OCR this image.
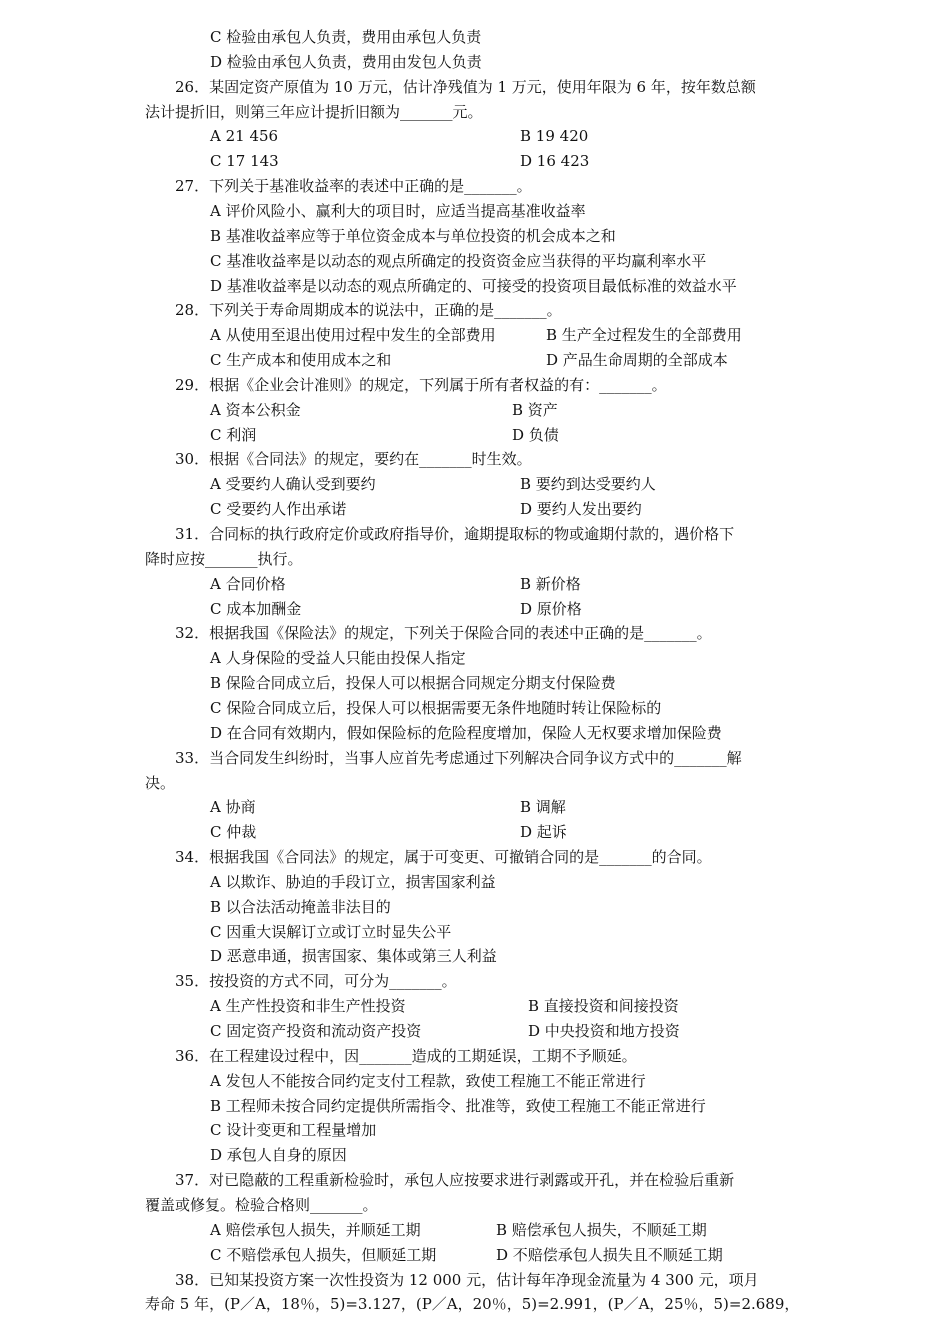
C 检验由承包人负责，费用由承包人负责
D 检验由承包人负责，费用由发包人负责
26．某固定资产原值为 10 万元，估计净残值为 1 万元，使用年限为 6 年，按年数总额
法计提折旧，则第三年应计提折旧额为_______元。
A 21 456	B 19 420
C 17 143	D 16 423
27．下列关于基准收益率的表述中正确的是_______。
A 评价风险小、赢利大的项目时，应适当提高基准收益率
B 基准收益率应等于单位资金成本与单位投资的机会成本之和
C 基准收益率是以动态的观点所确定的投资资金应当获得的平均赢利率水平
D 基准收益率是以动态的观点所确定的、可接受的投资项目最低标准的效益水平
28．下列关于寿命周期成本的说法中，正确的是_______。
A 从使用至退出使用过程中发生的全部费用	B 生产全过程发生的全部费用
C 生产成本和使用成本之和	D 产品生命周期的全部成本
29．根据《企业会计准则》的规定，下列属于所有者权益的有：_______。
A 资本公积金	B 资产
C 利润	D 负债
30．根据《合同法》的规定，要约在_______时生效。
A 受要约人确认受到要约	B 要约到达受要约人
C 受要约人作出承诺	D 要约人发出要约
31．合同标的执行政府定价或政府指导价，逾期提取标的物或逾期付款的，遇价格下
降时应按_______执行。
A 合同价格	B 新价格
C 成本加酬金	D 原价格
32．根据我国《保险法》的规定，下列关于保险合同的表述中正确的是_______。
A 人身保险的受益人只能由投保人指定
B 保险合同成立后，投保人可以根据合同规定分期支付保险费
C 保险合同成立后，投保人可以根据需要无条件地随时转让保险标的
D 在合同有效期内，假如保险标的危险程度增加，保险人无权要求增加保险费
33．当合同发生纠纷时，当事人应首先考虑通过下列解决合同争议方式中的_______解
决。
A 协商	B 调解
C 仲裁	D 起诉
34．根据我国《合同法》的规定，属于可变更、可撤销合同的是_______的合同。
A 以欺诈、胁迫的手段订立，损害国家利益
B 以合法活动掩盖非法目的
C 因重大误解订立或订立时显失公平
D 恶意串通，损害国家、集体或第三人利益
35．按投资的方式不同，可分为_______。
A 生产性投资和非生产性投资	B 直接投资和间接投资
C 固定资产投资和流动资产投资	D 中央投资和地方投资
36．在工程建设过程中，因_______造成的工期延误，工期不予顺延。
A 发包人不能按合同约定支付工程款，致使工程施工不能正常进行
B 工程师未按合同约定提供所需指令、批准等，致使工程施工不能正常进行
C 设计变更和工程量增加
D 承包人自身的原因
37．对已隐蔽的工程重新检验时，承包人应按要求进行剥露或开孔，并在检验后重新
覆盖或修复。检验合格则_______。
A 赔偿承包人损失，并顺延工期	B 赔偿承包人损失，不顺延工期
C 不赔偿承包人损失，但顺延工期	D 不赔偿承包人损失且不顺延工期
38．已知某投资方案一次性投资为 12 000 元，估计每年净现金流量为 4 300 元，项月
寿命 5 年，(P／A，18％，5)=3.127，(P／A，20％，5)=2.991，(P／A，25％，5)=2.689，
